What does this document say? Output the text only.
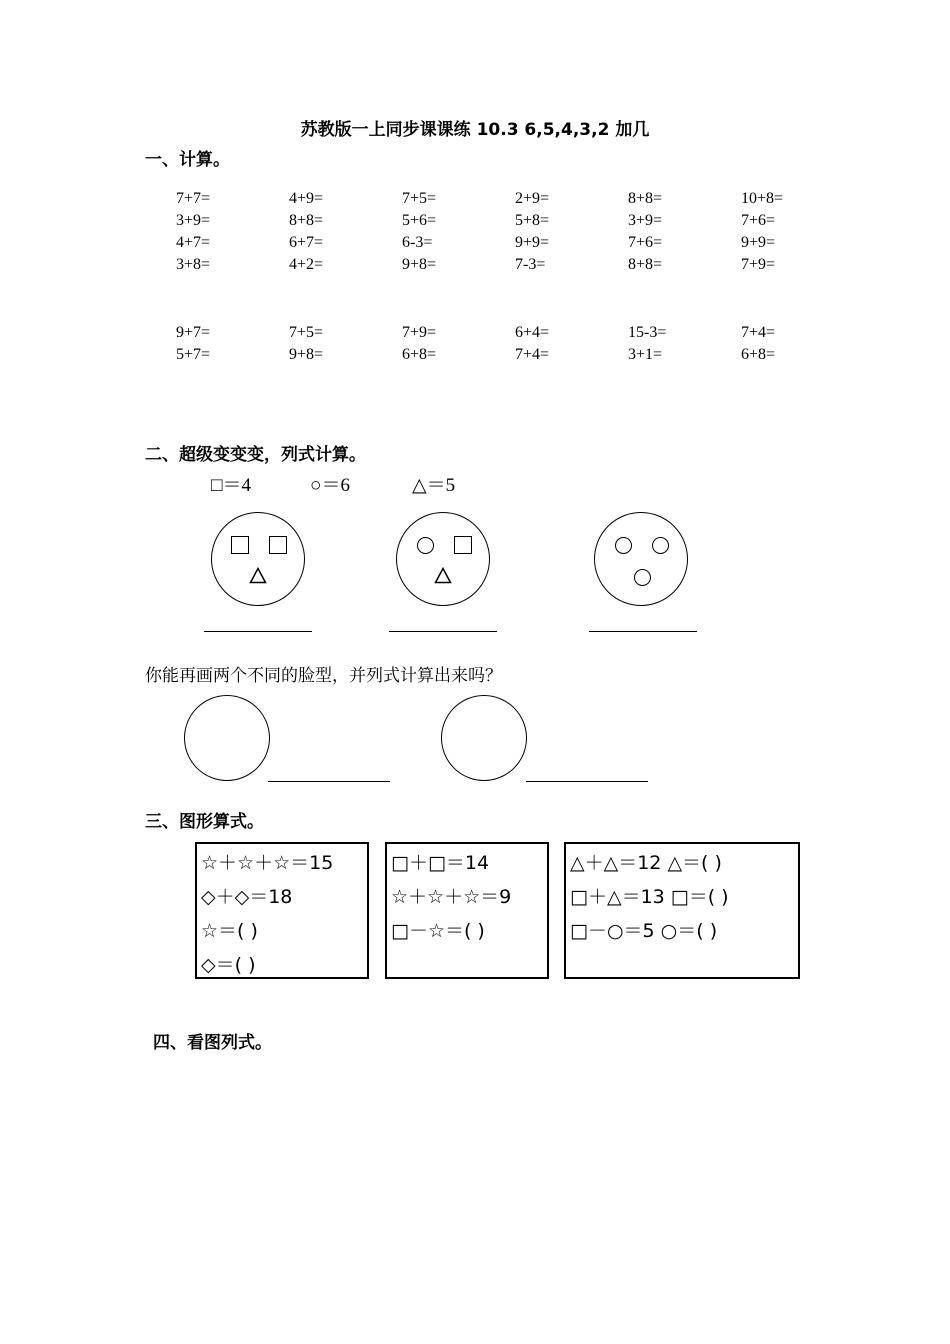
苏教版一上同步课课练 10.3 6,5,4,3,2 加几
一、计算。
7+7=	4+9=	7+5=	2+9=	8+8=	10+8=
3+9=	8+8=	5+6=	5+8=	3+9=	7+6=
4+7=	6+7=	6-3=	9+9=	7+6=	9+9=
3+8=	4+2=	9+8=	7-3=	8+8=	7+9=
9+7=	7+5=	7+9=	6+4=	15-3=	7+4=
5+7=	9+8=	6+8=	7+4=	3+1=	6+8=
二、超级变变变，列式计算。
□＝4	○＝6	△＝5
你能再画两个不同的脸型，并列式计算出来吗？
三、图形算式。
☆＋☆＋☆＝15
◇＋◇＝18
☆＝( )
◇＝( )
□＋□＝14
☆＋☆＋☆＝9
□－☆＝( )
△＋△＝12 △＝( )
□＋△＝13 □＝( )
□－○＝5 ○＝( )
四、看图列式。
